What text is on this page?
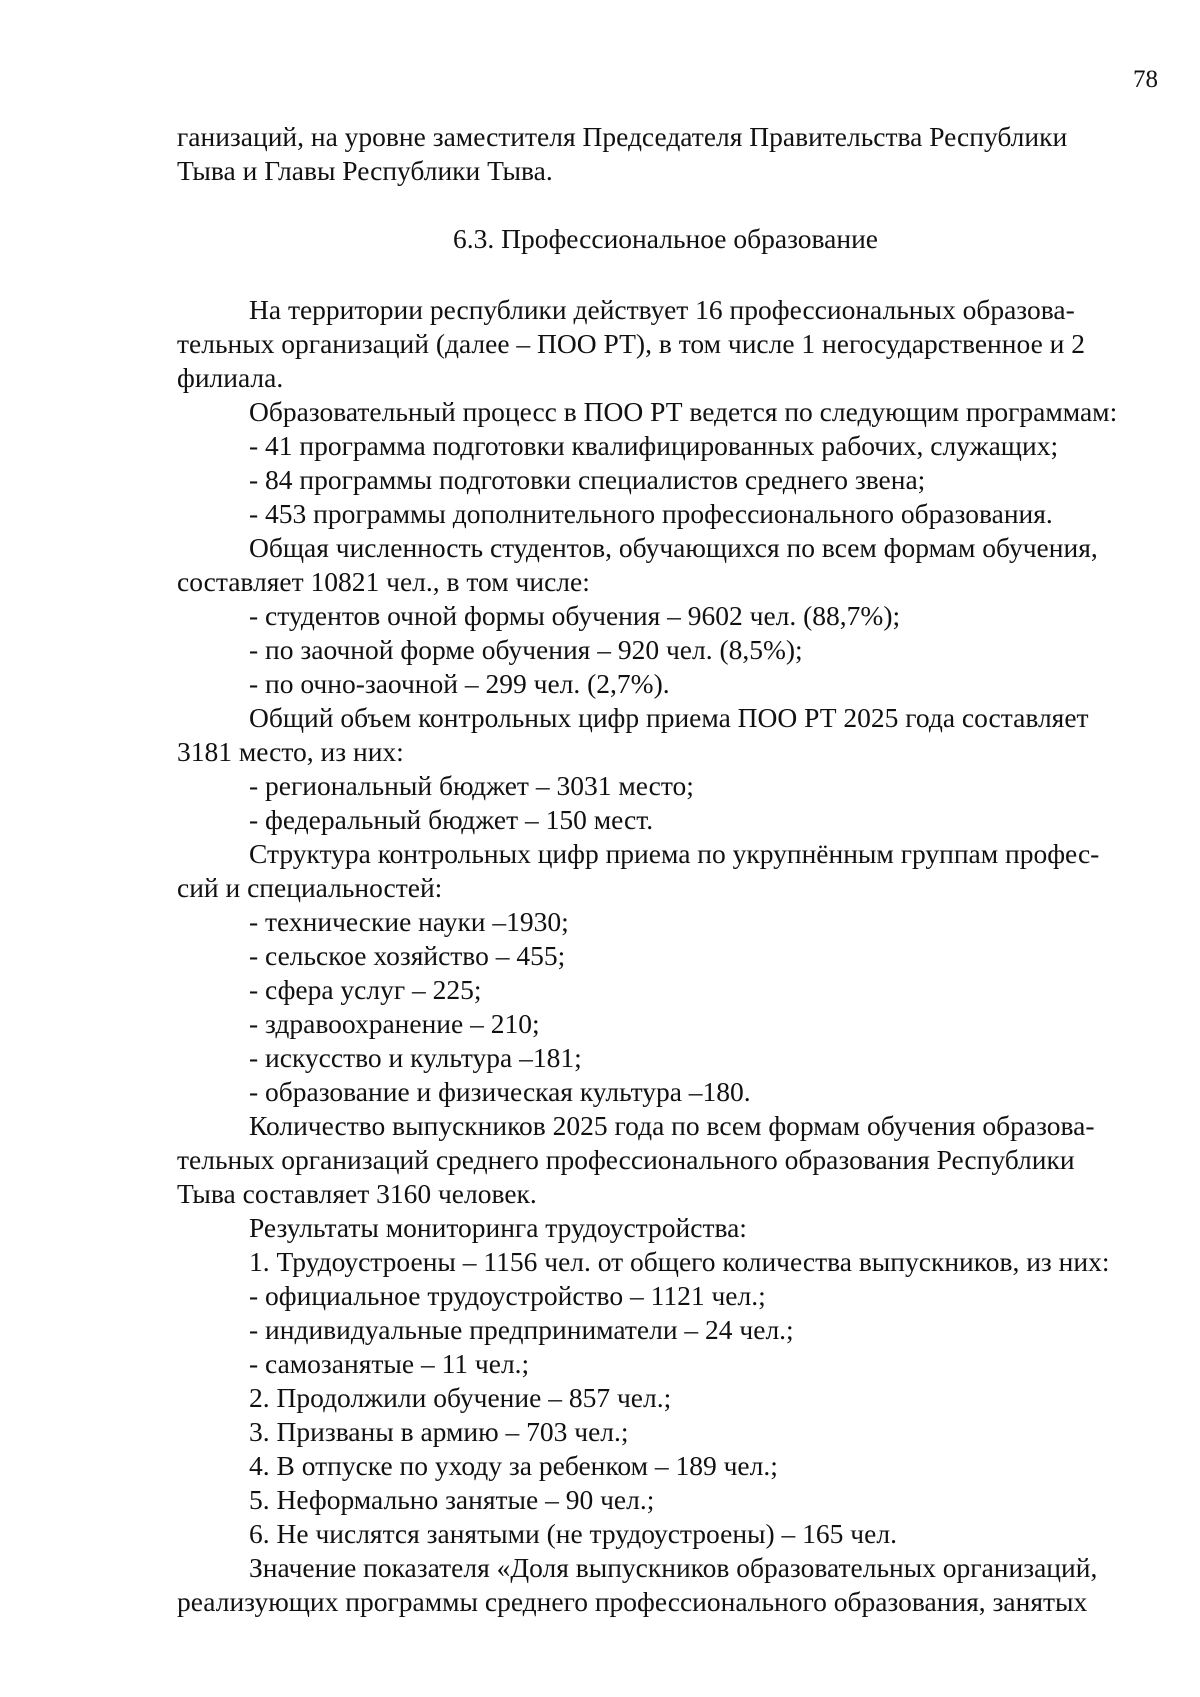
78

ганизаций, на уровне заместителя Председателя Правительства Республики

Тыва и Главы Республики Тыва.

6.3. Профессиональное образование

На территории республики действует 16 профессиональных образова-

тельных организаций (далее – ПОО РТ), в том числе 1 негосударственное и 2

филиала.

Образовательный процесс в ПОО РТ ведется по следующим программам:

- 41 программа подготовки квалифицированных рабочих, служащих;

- 84 программы подготовки специалистов среднего звена;

- 453 программы дополнительного профессионального образования.

Общая численность студентов, обучающихся по всем формам обучения,

составляет 10821 чел., в том числе:

- студентов очной формы обучения – 9602 чел. (88,7%);

- по заочной форме обучения – 920 чел. (8,5%);

- по очно-заочной – 299 чел. (2,7%).

Общий объем контрольных цифр приема ПОО РТ 2025 года составляет

3181 место, из них:

- региональный бюджет – 3031 место;

- федеральный бюджет – 150 мест.

Структура контрольных цифр приема по укрупнённым группам профес-

сий и специальностей:

- технические науки –1930;

- сельское хозяйство – 455;

- сфера услуг – 225;

- здравоохранение – 210;

- искусство и культура –181;

- образование и физическая культура –180.

Количество выпускников 2025 года по всем формам обучения образова-

тельных организаций среднего профессионального образования Республики

Тыва составляет 3160 человек.

Результаты мониторинга трудоустройства:

1. Трудоустроены – 1156 чел. от общего количества выпускников, из них:

- официальное трудоустройство – 1121 чел.;

- индивидуальные предприниматели – 24 чел.;

- самозанятые – 11 чел.;

2. Продолжили обучение – 857 чел.;

3. Призваны в армию – 703 чел.;

4. В отпуске по уходу за ребенком – 189 чел.;

5. Неформально занятые – 90 чел.;

6. Не числятся занятыми (не трудоустроены) – 165 чел.

Значение показателя «Доля выпускников образовательных организаций,

реализующих программы среднего профессионального образования, занятых
